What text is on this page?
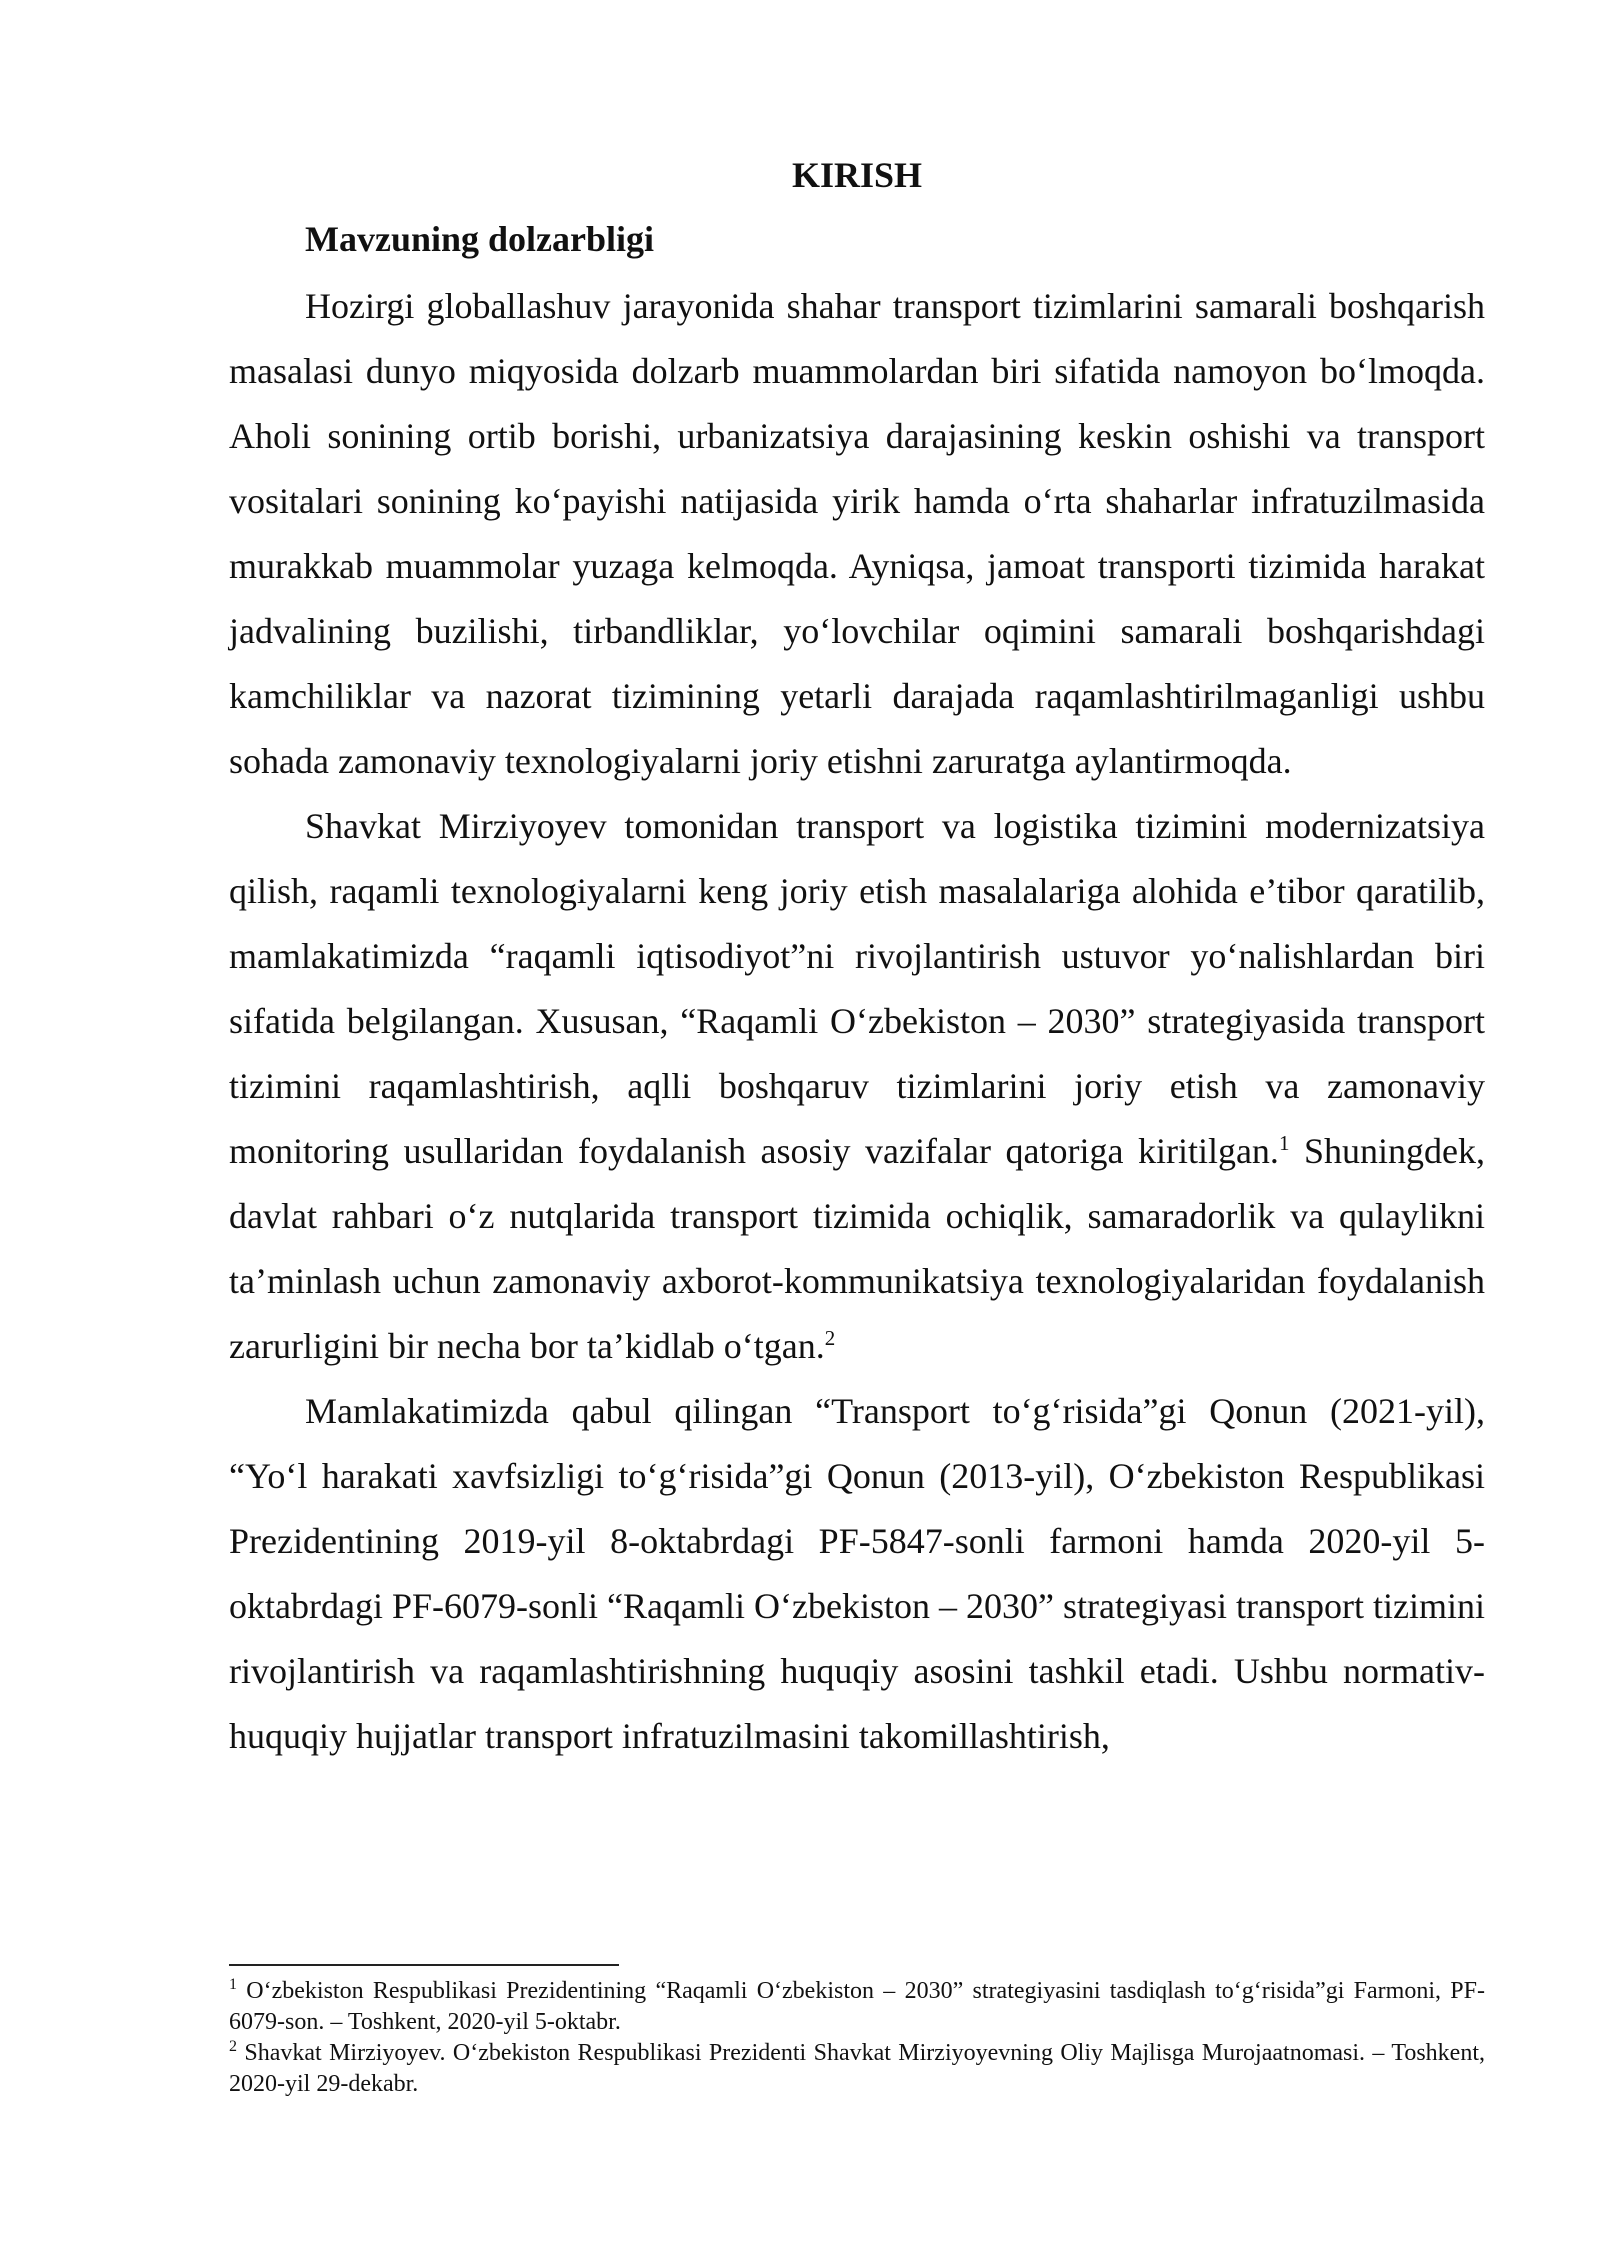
KIRISH
Mavzuning dolzarbligi

Hozirgi globallashuv jarayonida shahar transport tizimlarini samarali boshqarish masalasi dunyo miqyosida dolzarb muammolardan biri sifatida namoyon bo‘lmoqda. Aholi sonining ortib borishi, urbanizatsiya darajasining keskin oshishi va transport vositalari sonining ko‘payishi natijasida yirik hamda o‘rta shaharlar infratuzilmasida murakkab muammolar yuzaga kelmoqda. Ayniqsa, jamoat transporti tizimida harakat jadvalining buzilishi, tirbandliklar, yo‘lovchilar oqimini samarali boshqarishdagi kamchiliklar va nazorat tizimining yetarli darajada raqamlashtirilmaganligi ushbu sohada zamonaviy texnologiyalarni joriy etishni zaruratga aylantirmoqda.

Shavkat Mirziyoyev tomonidan transport va logistika tizimini modernizatsiya qilish, raqamli texnologiyalarni keng joriy etish masalalariga alohida e’tibor qaratilib, mamlakatimizda “raqamli iqtisodiyot”ni rivojlantirish ustuvor yo‘nalishlardan biri sifatida belgilangan. Xususan, “Raqamli O‘zbekiston – 2030” strategiyasida transport tizimini raqamlashtirish, aqlli boshqaruv tizimlarini joriy etish va zamonaviy monitoring usullaridan foydalanish asosiy vazifalar qatoriga kiritilgan.$^1$ Shuningdek, davlat rahbari o‘z nutqlarida transport tizimida ochiqlik, samaradorlik va qulaylikni ta’minlash uchun zamonaviy axborot-kommunikatsiya texnologiyalaridan foydalanish zarurligini bir necha bor ta’kidlab o‘tgan.$^2$

Mamlakatimizda qabul qilingan “Transport to‘g‘risida”gi Qonun (2021-yil), “Yo‘l harakati xavfsizligi to‘g‘risida”gi Qonun (2013-yil), O‘zbekiston Respublikasi Prezidentining 2019-yil 8-oktabrdagi PF-5847-sonli farmoni hamda 2020-yil 5-oktabrdagi PF-6079-sonli “Raqamli O‘zbekiston – 2030” strategiyasi transport tizimini rivojlantirish va raqamlashtirishning huquqiy asosini tashkil etadi. Ushbu normativ-huquqiy hujjatlar transport infratuzilmasini takomillashtirish,

$^1$ O‘zbekiston Respublikasi Prezidentining “Raqamli O‘zbekiston – 2030” strategiyasini tasdiqlash to‘g‘risida”gi Farmoni, PF-6079-son. – Toshkent, 2020-yil 5-oktabr.

$^2$ Shavkat Mirziyoyev. O‘zbekiston Respublikasi Prezidenti Shavkat Mirziyoyevning Oliy Majlisga Murojaatnomasi. – Toshkent, 2020-yil 29-dekabr.
